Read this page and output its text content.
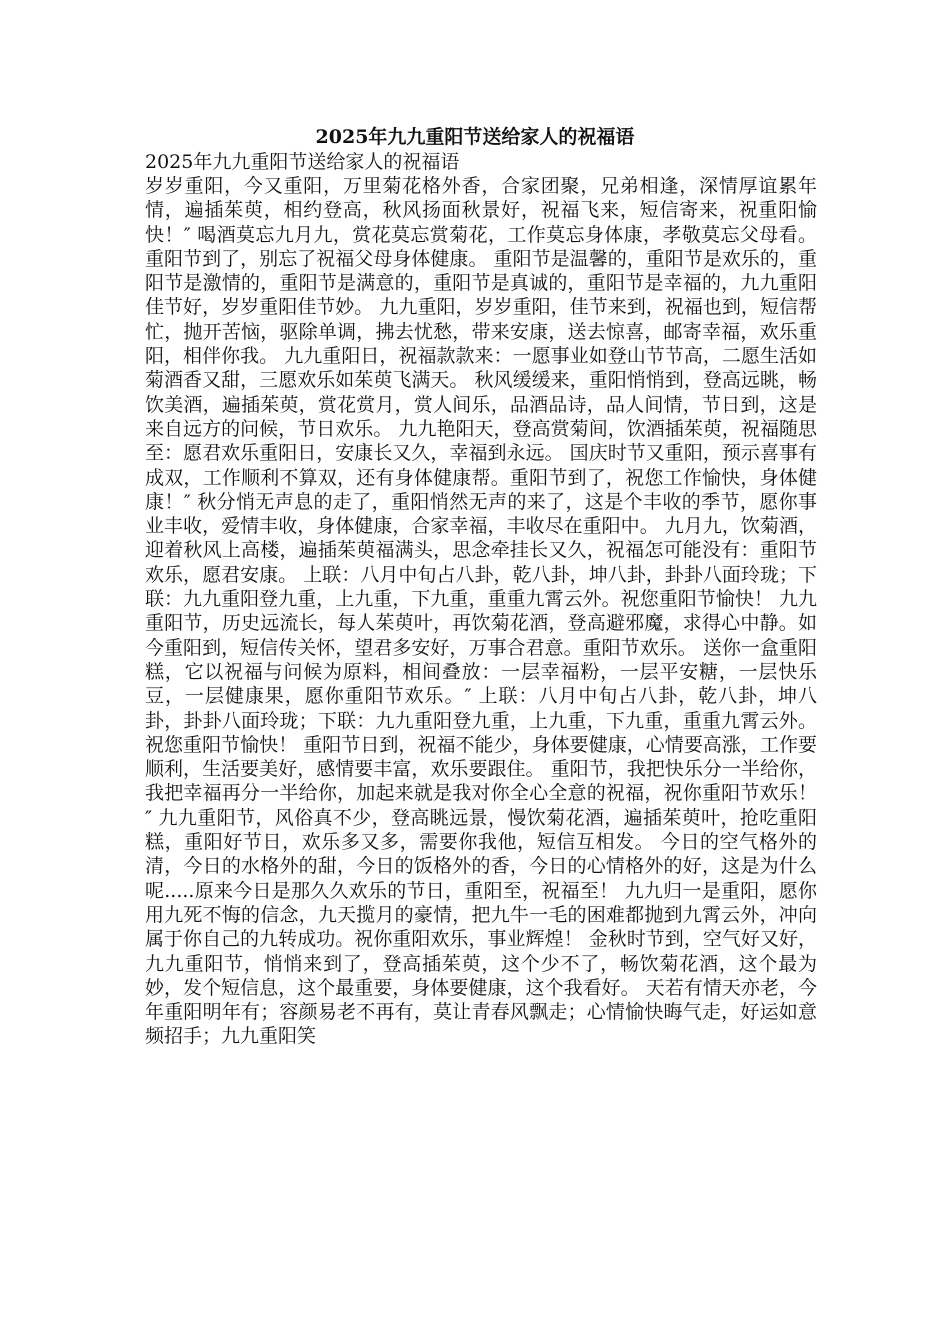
2025年九九重阳节送给家人的祝福语

2025年九九重阳节送给家人的祝福语

岁岁重阳，今又重阳，万里菊花格外香，合家团聚，兄弟相逢，深情厚谊累年情，遍插茱萸，相约登高，秋风扬面秋景好，祝福飞来，短信寄来，祝重阳愉快！″ 喝酒莫忘九月九，赏花莫忘赏菊花，工作莫忘身体康，孝敬莫忘父母看。重阳节到了，别忘了祝福父母身体健康。 重阳节是温馨的，重阳节是欢乐的，重阳节是激情的，重阳节是满意的，重阳节是真诚的，重阳节是幸福的，九九重阳佳节好，岁岁重阳佳节妙。 九九重阳，岁岁重阳，佳节来到，祝福也到，短信帮忙，抛开苦恼，驱除单调，拂去忧愁，带来安康，送去惊喜，邮寄幸福，欢乐重阳，相伴你我。 九九重阳日，祝福款款来：一愿事业如登山节节高，二愿生活如菊酒香又甜，三愿欢乐如茱萸飞满天。 秋风缓缓来，重阳悄悄到，登高远眺，畅饮美酒，遍插茱萸，赏花赏月，赏人间乐，品酒品诗，品人间情，节日到，这是来自远方的问候，节日欢乐。 九九艳阳天，登高赏菊间，饮酒插茱萸，祝福随思至：愿君欢乐重阳日，安康长又久，幸福到永远。 国庆时节又重阳，预示喜事有成双，工作顺利不算双，还有身体健康帮。重阳节到了，祝您工作愉快，身体健康！″ 秋分悄无声息的走了，重阳悄然无声的来了，这是个丰收的季节，愿你事业丰收，爱情丰收，身体健康，合家幸福，丰收尽在重阳中。 九月九，饮菊酒，迎着秋风上高楼，遍插茱萸福满头，思念牵挂长又久，祝福怎可能没有：重阳节欢乐，愿君安康。 上联：八月中旬占八卦，乾八卦，坤八卦，卦卦八面玲珑；下联：九九重阳登九重，上九重，下九重，重重九霄云外。祝您重阳节愉快！ 九九重阳节，历史远流长，每人茱萸叶，再饮菊花酒，登高避邪魔，求得心中静。如今重阳到，短信传关怀，望君多安好，万事合君意。重阳节欢乐。 送你一盒重阳糕，它以祝福与问候为原料，相间叠放：一层幸福粉，一层平安糖，一层快乐豆，一层健康果，愿你重阳节欢乐。″ 上联：八月中旬占八卦，乾八卦，坤八卦，卦卦八面玲珑；下联：九九重阳登九重，上九重，下九重，重重九霄云外。祝您重阳节愉快！ 重阳节日到，祝福不能少，身体要健康，心情要高涨，工作要顺利，生活要美好，感情要丰富，欢乐要跟住。 重阳节，我把快乐分一半给你，我把幸福再分一半给你，加起来就是我对你全心全意的祝福，祝你重阳节欢乐！″ 九九重阳节，风俗真不少，登高眺远景，慢饮菊花酒，遍插茱萸叶，抢吃重阳糕，重阳好节日，欢乐多又多，需要你我他，短信互相发。 今日的空气格外的清，今日的水格外的甜，今日的饭格外的香，今日的心情格外的好，这是为什么呢.....原来今日是那久久欢乐的节日，重阳至，祝福至！ 九九归一是重阳，愿你用九死不悔的信念，九天揽月的豪情，把九牛一毛的困难都抛到九霄云外，冲向属于你自己的九转成功。祝你重阳欢乐，事业辉煌！ 金秋时节到，空气好又好，九九重阳节，悄悄来到了，登高插茱萸，这个少不了，畅饮菊花酒，这个最为妙，发个短信息，这个最重要，身体要健康，这个我看好。 天若有情天亦老，今年重阳明年有；容颜易老不再有，莫让青春风飘走；心情愉快晦气走，好运如意频招手；九九重阳笑
